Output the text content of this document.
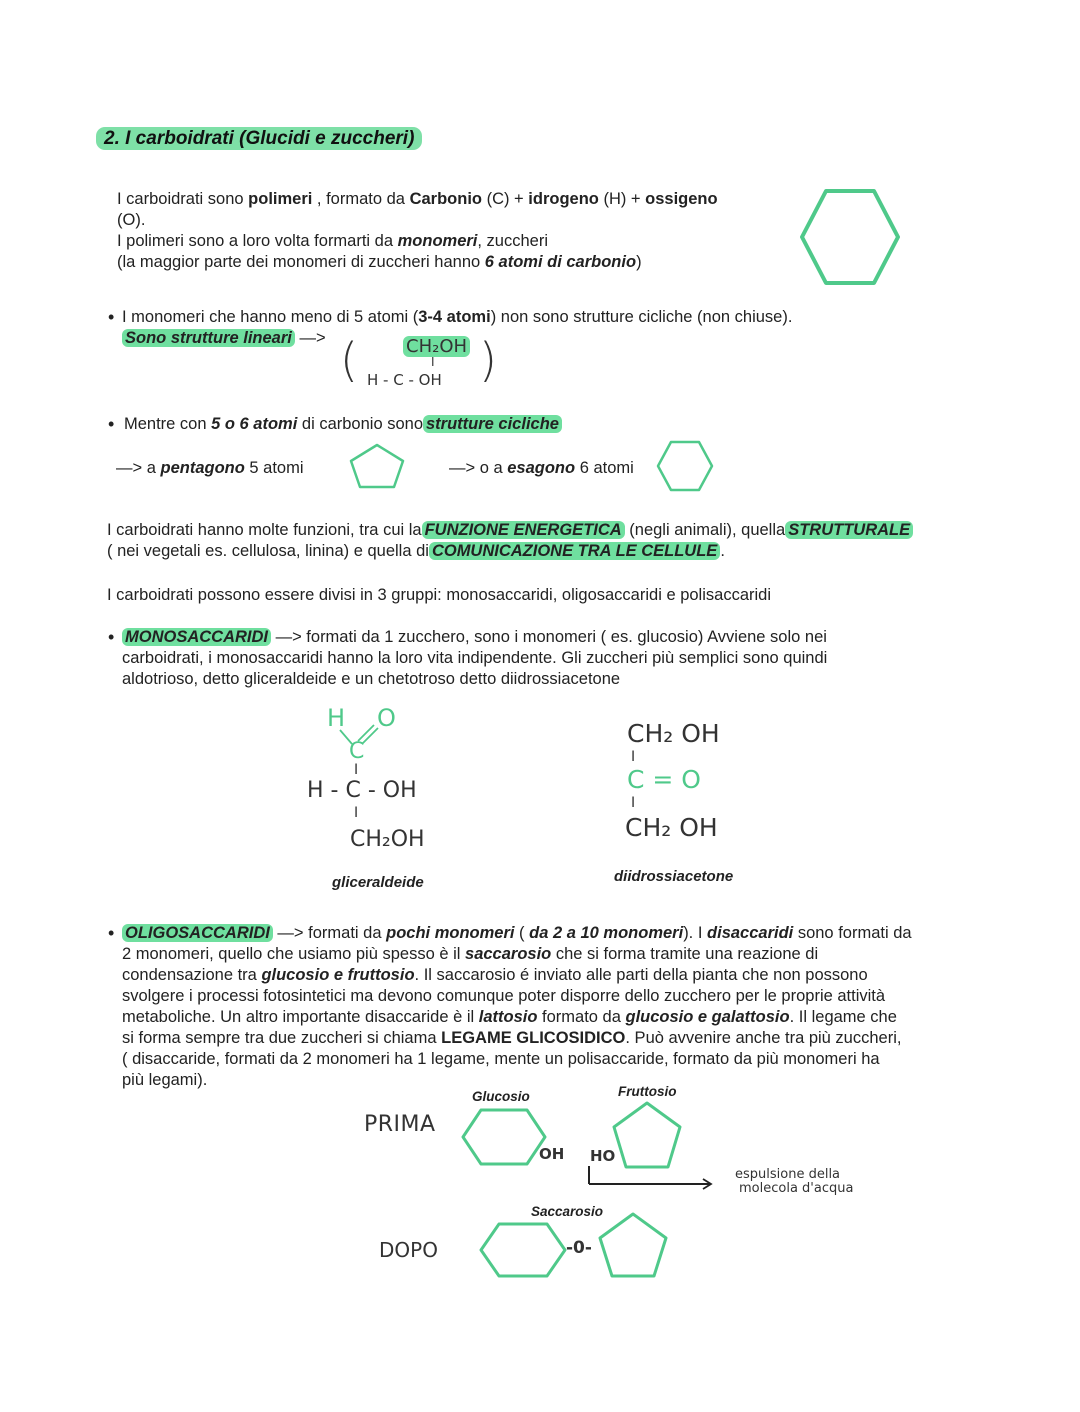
2. I carboidrati (Glucidi e zuccheri)
I carboidrati sono polimeri , formato da Carbonio (C) + idrogeno (H) + ossigeno
(O).
I polimeri sono a loro volta formarti da monomeri, zuccheri
(la maggior parte dei monomeri di zuccheri hanno 6 atomi di carbonio)
• I monomeri che hanno meno di 5 atomi (3-4 atomi) non sono strutture cicliche (non chiuse).
Sono strutture lineari —> (	)
CH₂OH
I
H - C - OH
• Mentre con 5 o 6 atomi di carbonio sono strutture cicliche
—> a pentagono 5 atomi	—> o a esagono 6 atomi
I carboidrati hanno molte funzioni, tra cui la FUNZIONE ENERGETICA (negli animali), quella STRUTTURALE
( nei vegetali es. cellulosa, linina) e quella di COMUNICAZIONE TRA LE CELLULE .
I carboidrati possono essere divisi in 3 gruppi: monosaccaridi, oligosaccaridi e polisaccaridi
• MONOSACCARIDI —> formati da 1 zucchero, sono i monomeri ( es. glucosio) Avviene solo nei
carboidrati, i monosaccaridi hanno la loro vita indipendente. Gli zuccheri più semplici sono quindi
aldotrioso, detto gliceraldeide e un chetotroso detto diidrossiacetone
H O
C
I
H - C - OH
I
CH₂OH
gliceraldeide
CH₂ OH
I
C = O
I
CH₂ OH
diidrossiacetone
• OLIGOSACCARIDI —> formati da pochi monomeri ( da 2 a 10 monomeri). I disaccaridi sono formati da
2 monomeri, quello che usiamo più spesso è il saccarosio che si forma tramite una reazione di
condensazione tra glucosio e fruttosio. Il saccarosio é inviato alle parti della pianta che non possono
svolgere i processi fotosintetici ma devono comunque poter disporre dello zucchero per le proprie attività
metaboliche. Un altro importante disaccaride è il lattosio formato da glucosio e galattosio. Il legame che
si forma sempre tra due zuccheri si chiama LEGAME GLICOSIDICO. Può avvenire anche tra più zuccheri,
( disaccaride, formati da 2 monomeri ha 1 legame, mente un polisaccaride, formato da più monomeri ha
più legami).
Glucosio	Fruttosio
PRIMA
OH HO
espulsione della
molecola d'acqua
Saccarosio
DOPO	-0-
